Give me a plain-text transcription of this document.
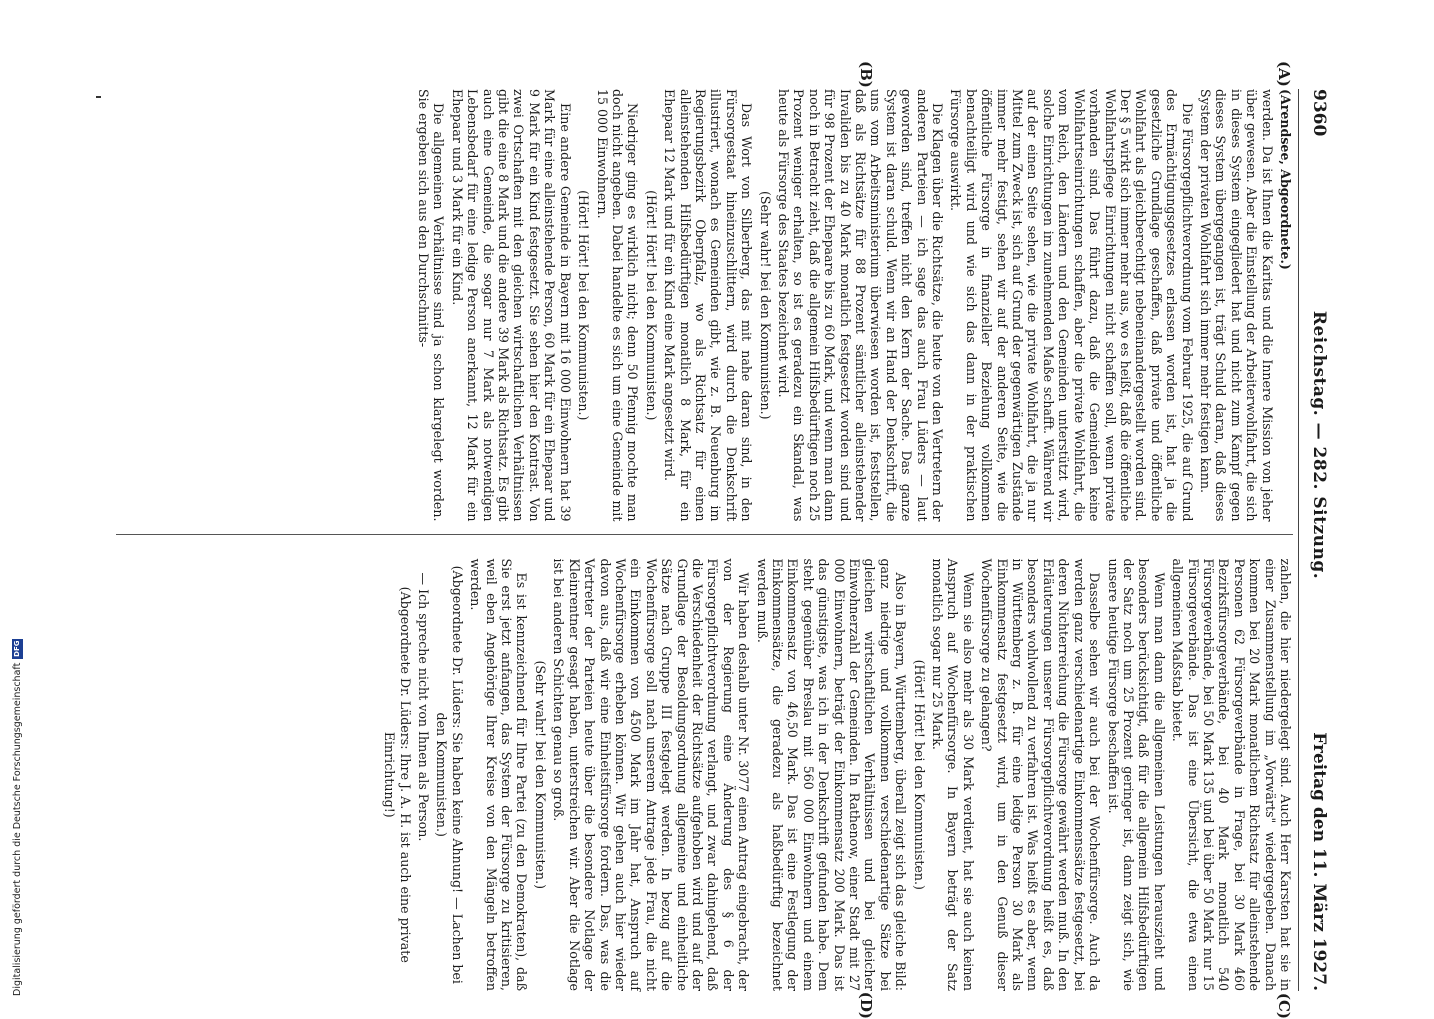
9360
Reichstag. — 282. Sitzung.
Freitag den 11. März 1927.
(A)
(B)

(Arendsee, Abgeordnete.)

werden. Da ist Ihnen die Karitas und die Innere Mission von jeher über gewesen. Aber die Einstellung der Arbeiterwohlfahrt, die sich in dieses System eingegliedert hat und nicht zum Kampf gegen dieses System übergegangen ist, trägt Schuld daran, daß dieses System der privaten Wohlfahrt sich immer mehr festigen kann.

Die Fürsorgepflichtverordnung vom Februar 1925, die auf Grund des Ermächtigungsgesetzes erlassen worden ist, hat ja die gesetzliche Grundlage geschaffen, daß private und öffentliche Wohlfahrt als gleichberechtigt nebeneinandergestellt worden sind. Der § 5 wirkt sich immer mehr aus, wo es heißt, daß die öffentliche Wohlfahrtspflege Einrichtungen nicht schaffen soll, wenn private vorhanden sind. Das führt dazu, daß die Gemeinden keine Wohlfahrtseinrichtungen schaffen, aber die private Wohlfahrt, die vom Reich, den Ländern und den Gemeinden unterstützt wird, solche Einrichtungen im zunehmenden Maße schafft. Während wir auf der einen Seite sehen, wie die private Wohlfahrt, die ja nur Mittel zum Zweck ist, sich auf Grund der gegenwärtigen Zustände immer mehr festigt, sehen wir auf der anderen Seite, wie die öffentliche Fürsorge in finanzieller Beziehung vollkommen benachteiligt wird und wie sich das dann in der praktischen Fürsorge auswirkt.

Die Klagen über die Richtsätze, die heute von den Vertretern der anderen Parteien — ich sage das auch Frau Lüders — laut geworden sind, treffen nicht den Kern der Sache. Das ganze System ist daran schuld. Wenn wir an Hand der Denkschrift, die uns vom Arbeitsministerium überwiesen worden ist, feststellen, daß als Richtsätze für 88 Prozent sämtlicher alleinstehender Invaliden bis zu 40 Mark monatlich festgesetzt worden sind und für 98 Prozent der Ehepaare bis zu 60 Mark, und wenn man dann noch in Betracht zieht, daß die allgemein Hilfsbedürftigen noch 25 Prozent weniger erhalten, so ist es geradezu ein Skandal, was heute als Fürsorge des Staates bezeichnet wird.

(Sehr wahr! bei den Kommunisten.)

Das Wort von Silberberg, das mit nahe daran sind, in den Fürsorgestaat hineinzuschlittern, wird durch die Denkschrift illustriert, wonach es Gemeinden gibt, wie z. B. Neuenburg im Regierungsbezirk Oberpfalz, wo als Richtsatz für einen alleinstehenden Hilfsbedürftigen monatlich 8 Mark, für ein Ehepaar 12 Mark und für ein Kind eine Mark angesetzt wird.

(Hört! Hört! bei den Kommunisten.)

Niedriger ging es wirklich nicht; denn 50 Pfennig mochte man doch nicht angeben. Dabei handelte es sich um eine Gemeinde mit 15 000 Einwohnern.

(Hört! Hört! bei den Kommunisten.)

Eine andere Gemeinde in Bayern mit 16 000 Einwohnern hat 39 Mark für eine alleinstehende Person, 60 Mark für ein Ehepaar und 9 Mark für ein Kind festgesetzt. Sie sehen hier den Kontrast. Von zwei Ortschaften mit den gleichen wirtschaftlichen Verhältnissen gibt die eine 8 Mark und die andere 39 Mark als Richtsatz. Es gibt auch eine Gemeinde, die sogar nur 7 Mark als notwendigen Lebensbedarf für eine ledige Person anerkannt, 12 Mark für ein Ehepaar und 3 Mark für ein Kind.

Die allgemeinen Verhältnisse sind ja schon klargelegt worden. Sie ergeben sich aus den Durchschnitts-

(C)
(D)

zahlen, die hier niedergelegt sind. Auch Herr Karsten hat sie in einer Zusammenstellung im „Vorwärts" wiedergegeben. Danach kommen bei 20 Mark monatlichem Richtsatz für alleinstehende Personen 62 Fürsorgeverbände in Frage, bei 30 Mark 460 Bezirksfürsorgeverbände, bei 40 Mark monatlich 540 Fürsorgeverbände, bei 50 Mark 135 und bei über 50 Mark nur 15 Fürsorgeverbände. Das ist eine Übersicht, die etwa einen allgemeinen Maßstab bietet.

Wenn man dann die allgemeinen Leistungen herauszieht und besonders berücksichtigt, daß für die allgemein Hilfsbedürftigen der Satz noch um 25 Prozent geringer ist, dann zeigt sich, wie unsere heutige Fürsorge beschaffen ist.

Dasselbe sehen wir auch bei der Wochenfürsorge. Auch da werden ganz verschiedenartige Einkommenssätze festgesetzt, bei deren Nichterreichung die Fürsorge gewährt werden muß. In den Erläuterungen unserer Fürsorgepflichtverordnung heißt es, daß besonders wohlwollend zu verfahren ist. Was heißt es aber, wenn in Württemberg z. B. für eine ledige Person 30 Mark als Einkommensatz festgesetzt wird, um in den Genuß dieser Wochenfürsorge zu gelangen?

Wenn sie also mehr als 30 Mark verdient, hat sie auch keinen Anspruch auf Wochenfürsorge. In Bayern beträgt der Satz monatlich sogar nur 25 Mark.

(Hört! Hört! bei den Kommunisten.)

Also in Bayern, Württemberg, überall zeigt sich das gleiche Bild: ganz niedrige und vollkommen verschiedenartige Sätze bei gleichen wirtschaftlichen Verhältnissen und bei gleicher Einwohnerzahl der Gemeinden. In Rathenow, einer Stadt mit 27 000 Einwohnern, beträgt der Einkommensatz 200 Mark. Das ist das günstigste, was ich in der Denkschrift gefunden habe. Dem steht gegenüber Breslau mit 560 000 Einwohnern und einem Einkommensatz von 46,50 Mark. Das ist eine Festlegung der Einkommensätze, die geradezu als haßbedürftig bezeichnet werden muß.

Wir haben deshalb unter Nr. 3077 einen Antrag eingebracht, der von der Regierung eine Änderung des § 6 der Fürsorgepflichtverordnung verlangt, und zwar dahingehend, daß die Verschiedenheit der Richtsätze aufgehoben wird und auf der Grundlage der Besoldungsordnung allgemeine und einheitliche Sätze nach Gruppe III festgelegt werden. In bezug auf die Wochenfürsorge soll nach unserem Antrage jede Frau, die nicht ein Einkommen von 4500 Mark im Jahr hat, Anspruch auf Wochenfürsorge erheben können. Wir gehen auch hier wieder davon aus, daß wir eine Einheitsfürsorge fordern. Das, was die Vertreter der Parteien heute über die besondere Notlage der Kleinrentner gesagt haben, unterstreichen wir. Aber die Notlage ist bei anderen Schichten genau so groß.

(Sehr wahr! bei den Kommunisten.)

Es ist kennzeichnend für Ihre Partei (zu den Demokraten), daß Sie erst jetzt anfangen, das System der Fürsorge zu kritisieren, weil eben Angehörige Ihrer Kreise von den Mängeln betroffen werden.

(Abgeordnete Dr. Lüders: Sie haben keine Ahnung! — Lachen bei den Kommunisten.)

— Ich spreche nicht von Ihnen als Person.

(Abgeordnete Dr. Lüders: Ihre J. A. H. ist auch eine private Einrichtung!)

Digitalisierung gefördert durch die Deutsche Forschungsgemeinschaft
DFG
